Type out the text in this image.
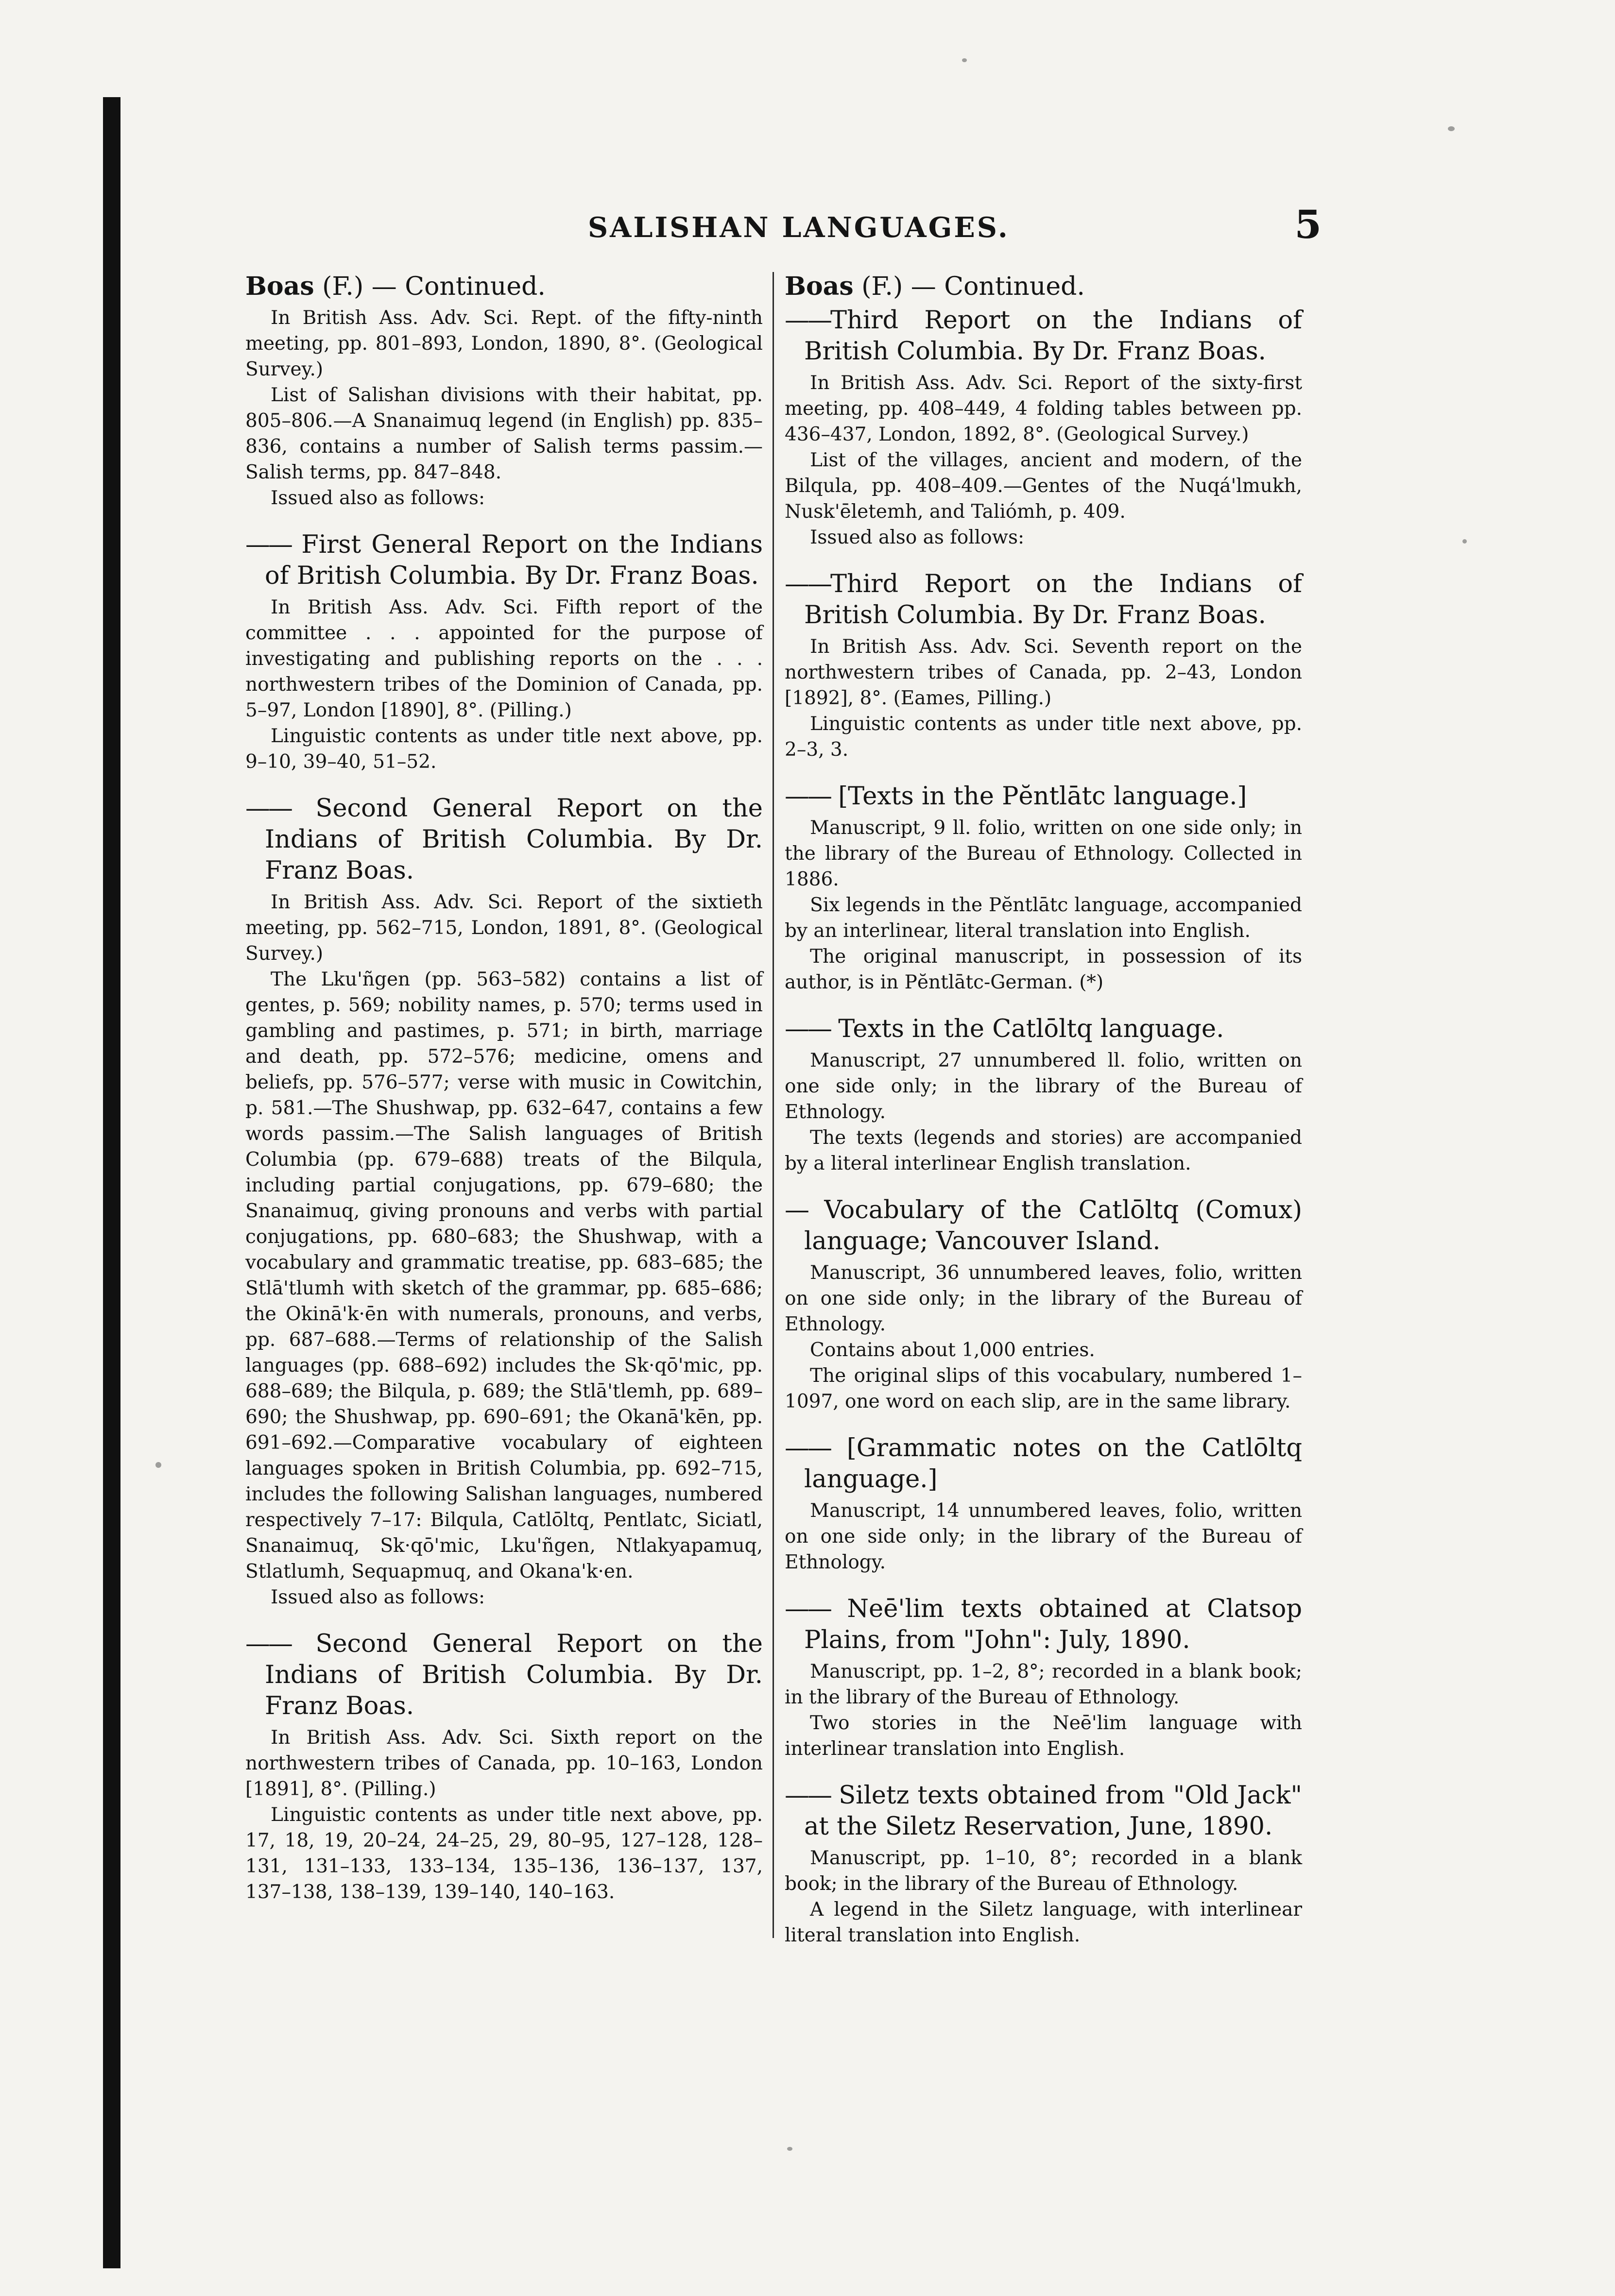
SALISHAN LANGUAGES.	5

Boas (F.) — Continued.

In British Ass. Adv. Sci. Rept. of the fifty-ninth meeting, pp. 801–893, London, 1890, 8°. (Geological Survey.)

List of Salishan divisions with their habitat, pp. 805–806.—A Snanaimuq legend (in English) pp. 835–836, contains a number of Salish terms passim.—Salish terms, pp. 847–848.

Issued also as follows:

—— First General Report on the Indians of British Columbia. By Dr. Franz Boas.

In British Ass. Adv. Sci. Fifth report of the committee . . . appointed for the purpose of investigating and publishing reports on the . . . northwestern tribes of the Dominion of Canada, pp. 5–97, London [1890], 8°. (Pilling.)

Linguistic contents as under title next above, pp. 9–10, 39–40, 51–52.

—— Second General Report on the Indians of British Columbia. By Dr. Franz Boas.

In British Ass. Adv. Sci. Report of the sixtieth meeting, pp. 562–715, London, 1891, 8°. (Geological Survey.)

The Lku'ñgen (pp. 563–582) contains a list of gentes, p. 569; nobility names, p. 570; terms used in gambling and pastimes, p. 571; in birth, marriage and death, pp. 572–576; medicine, omens and beliefs, pp. 576–577; verse with music in Cowitchin, p. 581.—The Shushwap, pp. 632–647, contains a few words passim.—The Salish languages of British Columbia (pp. 679–688) treats of the Bilqula, including partial conjugations, pp. 679–680; the Snanaimuq, giving pronouns and verbs with partial conjugations, pp. 680–683; the Shushwap, with a vocabulary and grammatic treatise, pp. 683–685; the Stlā'tlumh with sketch of the grammar, pp. 685–686; the Okinā'k·ēn with numerals, pronouns, and verbs, pp. 687–688.—Terms of relationship of the Salish languages (pp. 688–692) includes the Sk·qō'mic, pp. 688–689; the Bilqula, p. 689; the Stlā'tlemh, pp. 689–690; the Shushwap, pp. 690–691; the Okanā'kēn, pp. 691–692.—Comparative vocabulary of eighteen languages spoken in British Columbia, pp. 692–715, includes the following Salishan languages, numbered respectively 7–17: Bilqula, Catlōltq, Pentlatc, Siciatl, Snanaimuq, Sk·qō'mic, Lku'ñgen, Ntlakyapamuq, Stlatlumh, Sequapmuq, and Okana'k·en.

Issued also as follows:

—— Second General Report on the Indians of British Columbia. By Dr. Franz Boas.

In British Ass. Adv. Sci. Sixth report on the northwestern tribes of Canada, pp. 10–163, London [1891], 8°. (Pilling.)

Linguistic contents as under title next above, pp. 17, 18, 19, 20–24, 24–25, 29, 80–95, 127–128, 128–131, 131–133, 133–134, 135–136, 136–137, 137, 137–138, 138–139, 139–140, 140–163.

Boas (F.) — Continued.

——Third Report on the Indians of British Columbia. By Dr. Franz Boas.

In British Ass. Adv. Sci. Report of the sixty-first meeting, pp. 408–449, 4 folding tables between pp. 436–437, London, 1892, 8°. (Geological Survey.)

List of the villages, ancient and modern, of the Bilqula, pp. 408–409.—Gentes of the Nuqá'lmukh, Nusk'ēletemh, and Taliómh, p. 409.

Issued also as follows:

——Third Report on the Indians of British Columbia. By Dr. Franz Boas.

In British Ass. Adv. Sci. Seventh report on the northwestern tribes of Canada, pp. 2–43, London [1892], 8°. (Eames, Pilling.)

Linguistic contents as under title next above, pp. 2–3, 3.

—— [Texts in the Pĕntlātc language.]

Manuscript, 9 ll. folio, written on one side only; in the library of the Bureau of Ethnology. Collected in 1886.

Six legends in the Pĕntlātc language, accompanied by an interlinear, literal translation into English.

The original manuscript, in possession of its author, is in Pĕntlātc-German. (*)

—— Texts in the Catlōltq language.

Manuscript, 27 unnumbered ll. folio, written on one side only; in the library of the Bureau of Ethnology.

The texts (legends and stories) are accompanied by a literal interlinear English translation.

— Vocabulary of the Catlōltq (Comux) language; Vancouver Island.

Manuscript, 36 unnumbered leaves, folio, written on one side only; in the library of the Bureau of Ethnology.

Contains about 1,000 entries.

The original slips of this vocabulary, numbered 1–1097, one word on each slip, are in the same library.

—— [Grammatic notes on the Catlōltq language.]

Manuscript, 14 unnumbered leaves, folio, written on one side only; in the library of the Bureau of Ethnology.

—— Neē'lim texts obtained at Clatsop Plains, from "John": July, 1890.

Manuscript, pp. 1–2, 8°; recorded in a blank book; in the library of the Bureau of Ethnology.

Two stories in the Neē'lim language with interlinear translation into English.

—— Siletz texts obtained from "Old Jack" at the Siletz Reservation, June, 1890.

Manuscript, pp. 1–10, 8°; recorded in a blank book; in the library of the Bureau of Ethnology.

A legend in the Siletz language, with interlinear literal translation into English.
